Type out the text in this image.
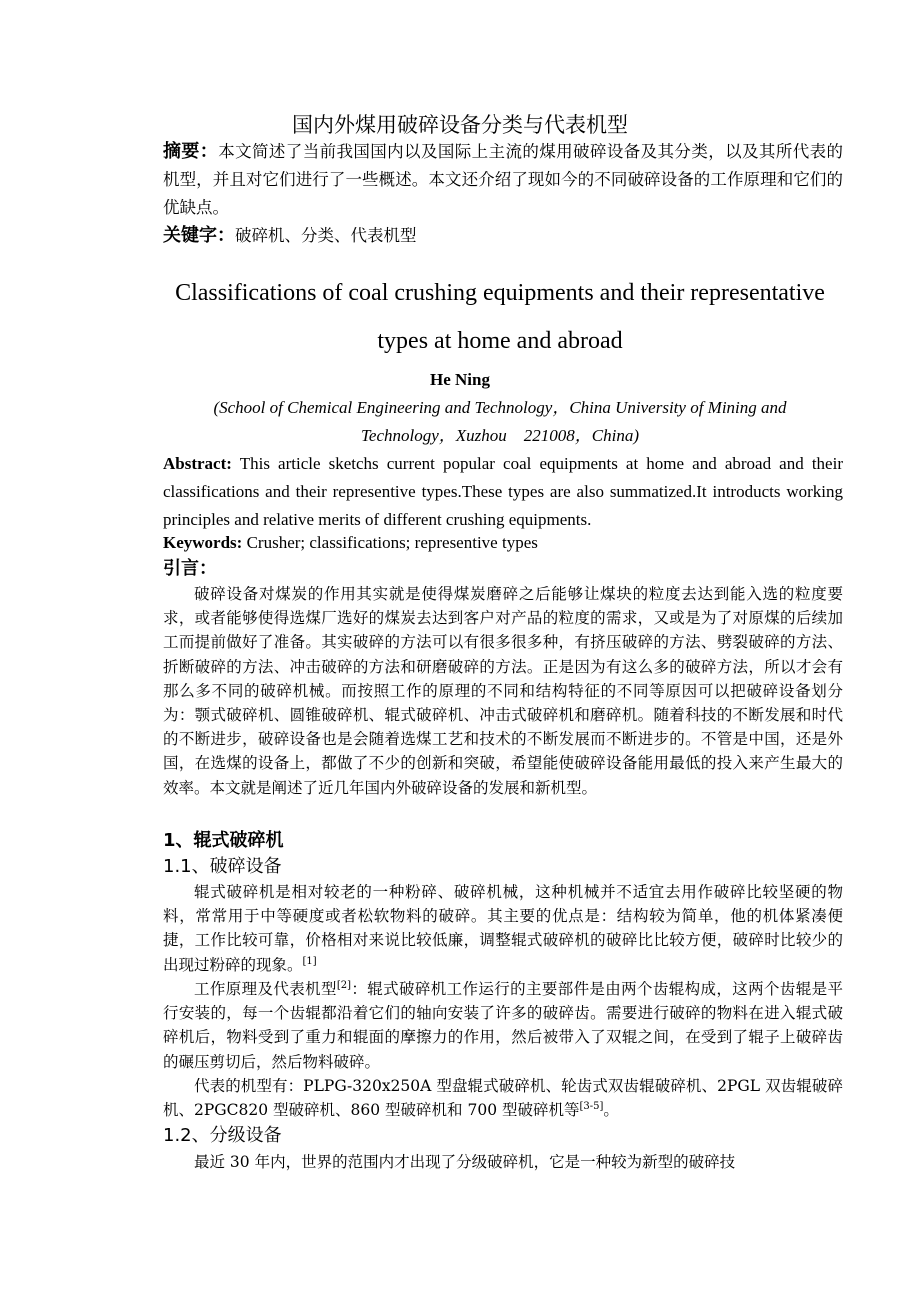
国内外煤用破碎设备分类与代表机型
摘要：本文简述了当前我国国内以及国际上主流的煤用破碎设备及其分类，以及其所代表的机型，并且对它们进行了一些概述。本文还介绍了现如今的不同破碎设备的工作原理和它们的优缺点。
关键字：破碎机、分类、代表机型
Classifications of coal crushing equipments and their representative
types at home and abroad
He Ning
(School of Chemical Engineering and Technology，China University of Mining and
Technology，Xuzhou　221008，China)
Abstract: This article sketchs current popular coal equipments at home and abroad and their classifications and their representive types.These types are also summatized.It introducts working principles and relative merits of different crushing equipments.
Keywords: Crusher; classifications; representive types
引言：
破碎设备对煤炭的作用其实就是使得煤炭磨碎之后能够让煤块的粒度去达到能入选的粒度要求，或者能够使得选煤厂选好的煤炭去达到客户对产品的粒度的需求，又或是为了对原煤的后续加工而提前做好了准备。其实破碎的方法可以有很多很多种，有挤压破碎的方法、劈裂破碎的方法、折断破碎的方法、冲击破碎的方法和研磨破碎的方法。正是因为有这么多的破碎方法，所以才会有那么多不同的破碎机械。而按照工作的原理的不同和结构特征的不同等原因可以把破碎设备划分为：颚式破碎机、圆锥破碎机、辊式破碎机、冲击式破碎机和磨碎机。随着科技的不断发展和时代的不断进步，破碎设备也是会随着选煤工艺和技术的不断发展而不断进步的。不管是中国，还是外国，在选煤的设备上，都做了不少的创新和突破，希望能使破碎设备能用最低的投入来产生最大的效率。本文就是阐述了近几年国内外破碎设备的发展和新机型。
1、辊式破碎机
1.1、破碎设备
辊式破碎机是相对较老的一种粉碎、破碎机械，这种机械并不适宜去用作破碎比较坚硬的物料，常常用于中等硬度或者松软物料的破碎。其主要的优点是：结构较为简单，他的机体紧凑便捷，工作比较可靠，价格相对来说比较低廉，调整辊式破碎机的破碎比比较方便，破碎时比较少的出现过粉碎的现象。[1]
工作原理及代表机型[2]：辊式破碎机工作运行的主要部件是由两个齿辊构成，这两个齿辊是平行安装的，每一个齿辊都沿着它们的轴向安装了许多的破碎齿。需要进行破碎的物料在进入辊式破碎机后，物料受到了重力和辊面的摩擦力的作用，然后被带入了双辊之间，在受到了辊子上破碎齿的碾压剪切后，然后物料破碎。
代表的机型有：PLPG-320x250A 型盘辊式破碎机、轮齿式双齿辊破碎机、2PGL 双齿辊破碎机、2PGC820 型破碎机、860 型破碎机和 700 型破碎机等[3-5]。
1.2、分级设备
最近 30 年内，世界的范围内才出现了分级破碎机，它是一种较为新型的破碎技
